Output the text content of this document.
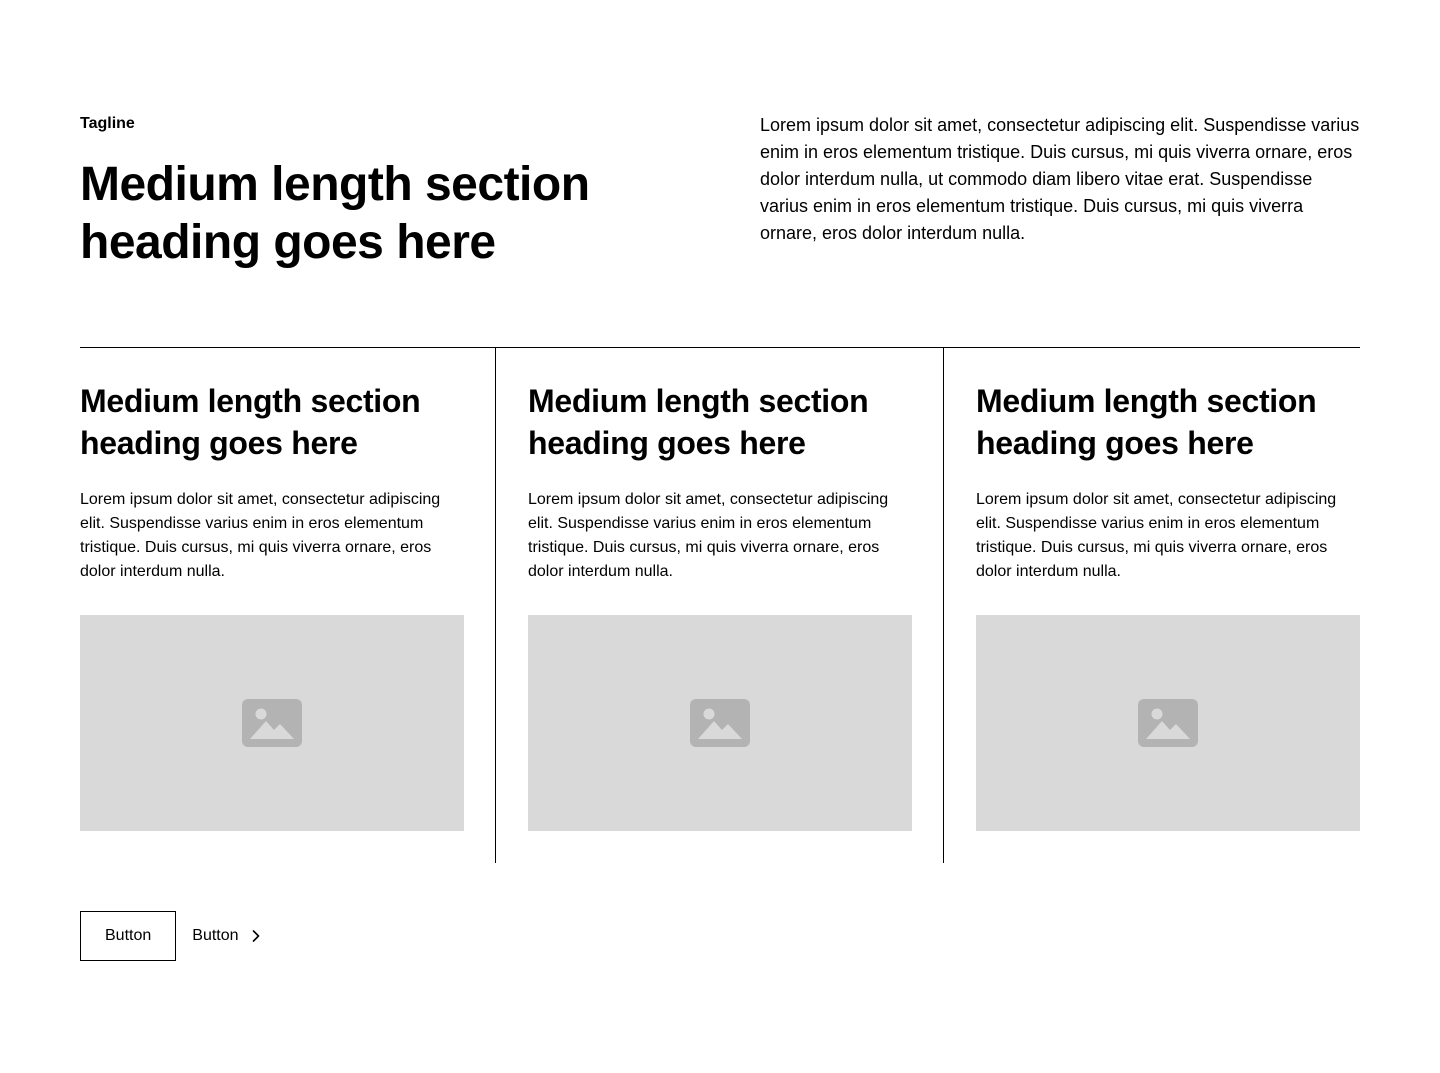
Tagline
Medium length section heading goes here

Lorem ipsum dolor sit amet, consectetur adipiscing elit. Suspendisse varius enim in eros elementum tristique. Duis cursus, mi quis viverra ornare, eros dolor interdum nulla, ut commodo diam libero vitae erat. Suspendisse varius enim in eros elementum tristique. Duis cursus, mi quis viverra ornare, eros dolor interdum nulla.

Medium length section heading goes here

Lorem ipsum dolor sit amet, consectetur adipiscing elit. Suspendisse varius enim in eros elementum tristique. Duis cursus, mi quis viverra ornare, eros dolor interdum nulla.

Medium length section heading goes here

Lorem ipsum dolor sit amet, consectetur adipiscing elit. Suspendisse varius enim in eros elementum tristique. Duis cursus, mi quis viverra ornare, eros dolor interdum nulla.

Medium length section heading goes here

Lorem ipsum dolor sit amet, consectetur adipiscing elit. Suspendisse varius enim in eros elementum tristique. Duis cursus, mi quis viverra ornare, eros dolor interdum nulla.

Button	Button
